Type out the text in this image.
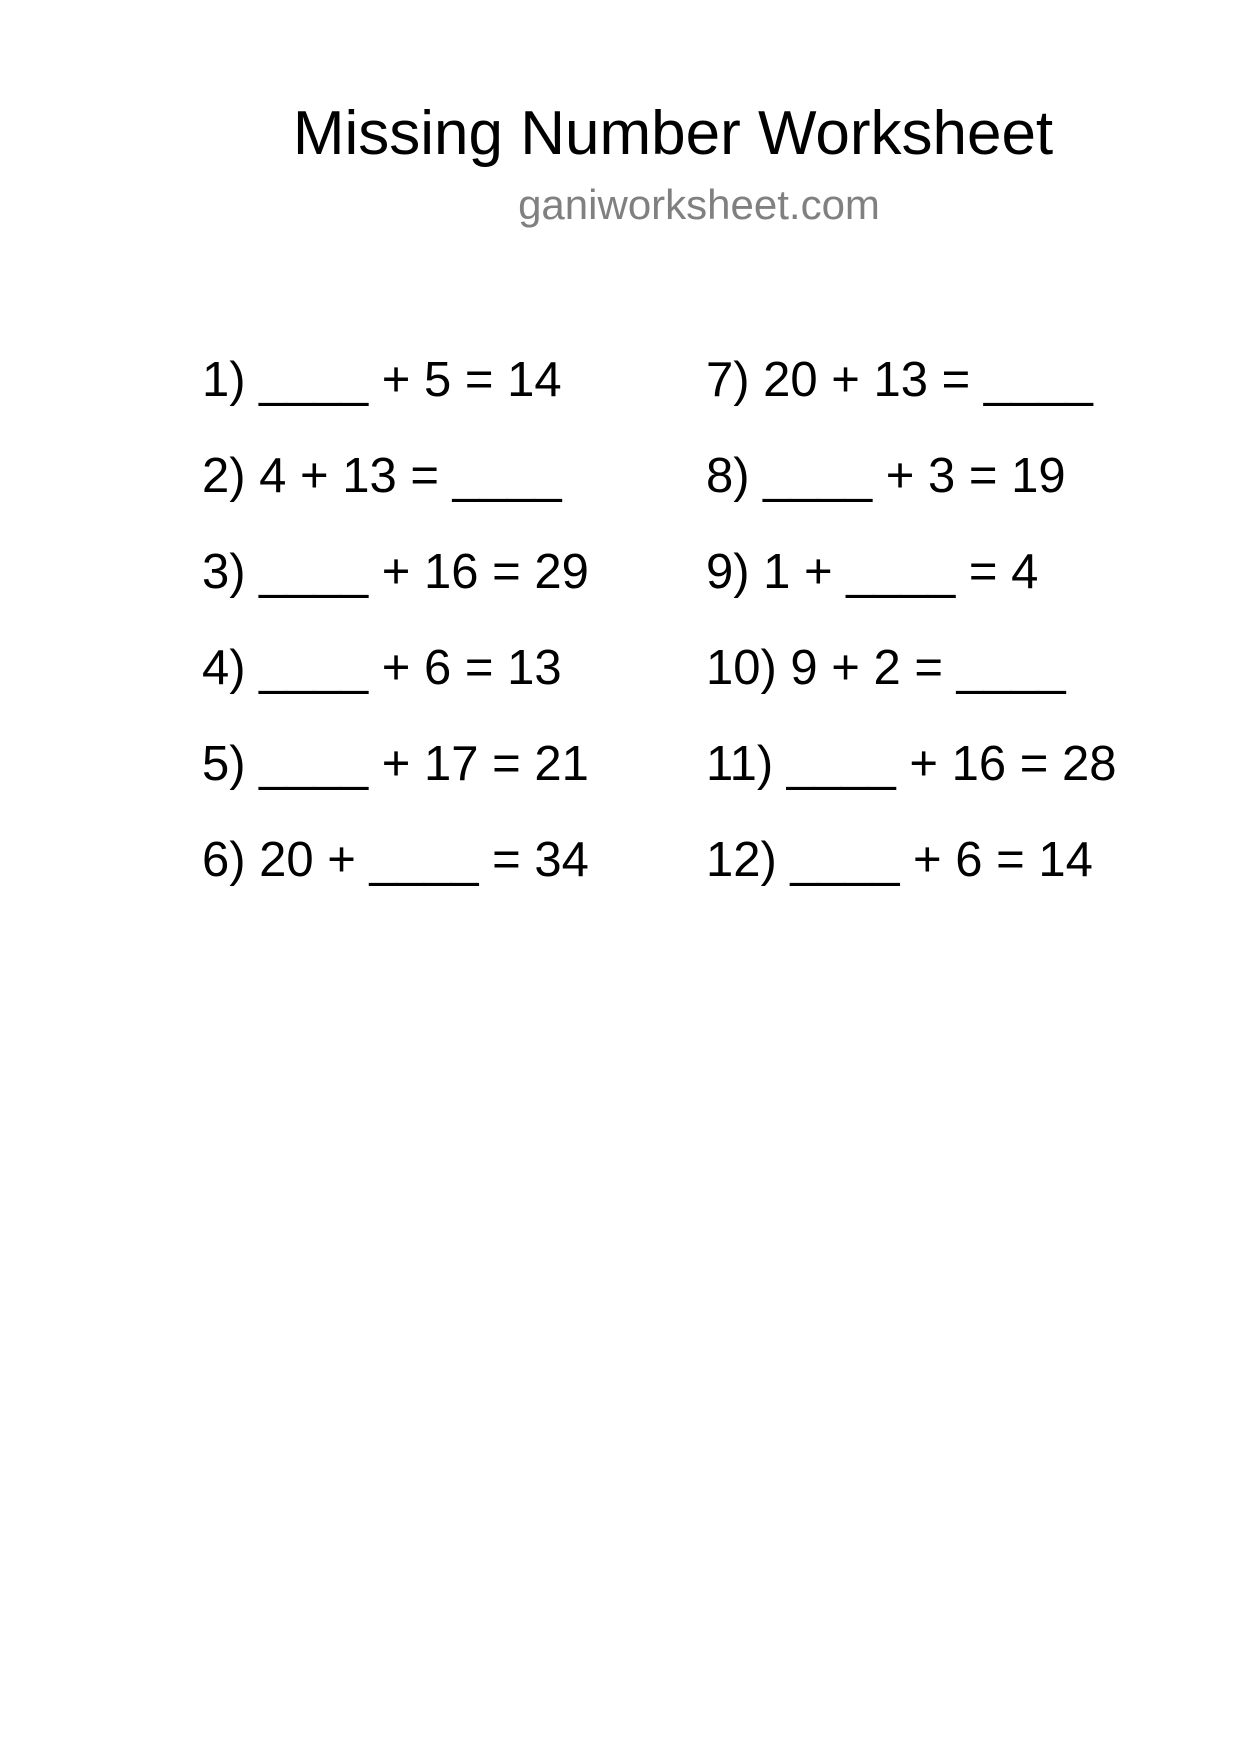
Missing Number Worksheet
ganiworksheet.com
1) ____ + 5 = 14
2) 4 + 13 = ____
3) ____ + 16 = 29
4) ____ + 6 = 13
5) ____ + 17 = 21
6) 20 + ____ = 34
7) 20 + 13 = ____
8) ____ + 3 = 19
9) 1 + ____ = 4
10) 9 + 2 = ____
11) ____ + 16 = 28
12) ____ + 6 = 14
